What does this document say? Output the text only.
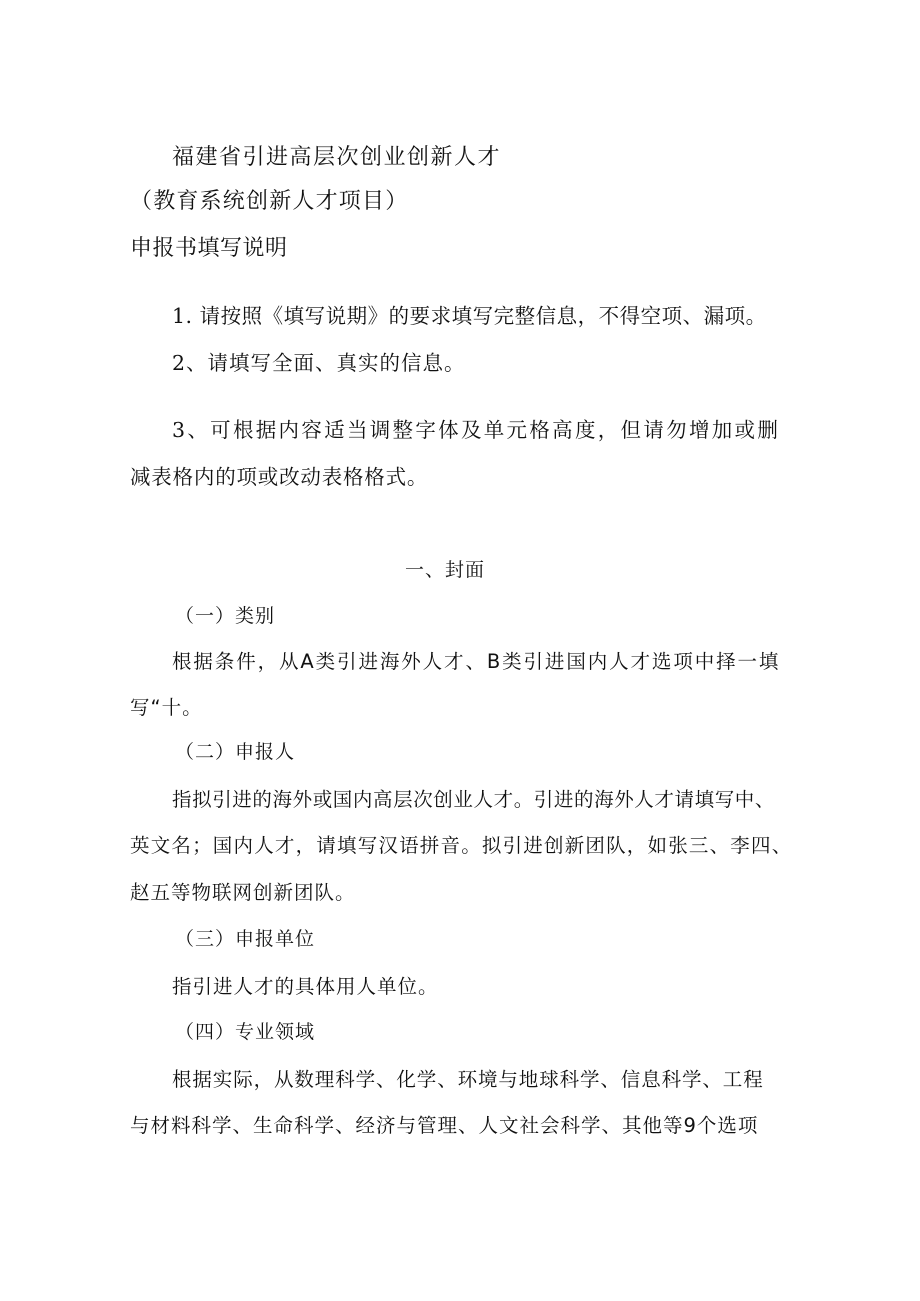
福建省引进高层次创业创新人才

（教育系统创新人才项目）

申报书填写说明

1. 请按照《填写说期》的要求填写完整信息，不得空项、漏项。

2、请填写全面、真实的信息。

3、可根据内容适当调整字体及单元格高度，但请勿增加或删

减表格内的项或改动表格格式。

一、封面

（一）类别

根据条件，从A类引进海外人才、B类引进国内人才选项中择一填

写“十。

（二）申报人

指拟引进的海外或国内高层次创业人才。引进的海外人才请填写中、

英文名；国内人才，请填写汉语拼音。拟引进创新团队，如张三、李四、

赵五等物联网创新团队。

（三）申报单位

指引进人才的具体用人单位。

（四）专业领域

根据实际，从数理科学、化学、环境与地球科学、信息科学、工程

与材料科学、生命科学、经济与管理、人文社会科学、其他等9个选项
